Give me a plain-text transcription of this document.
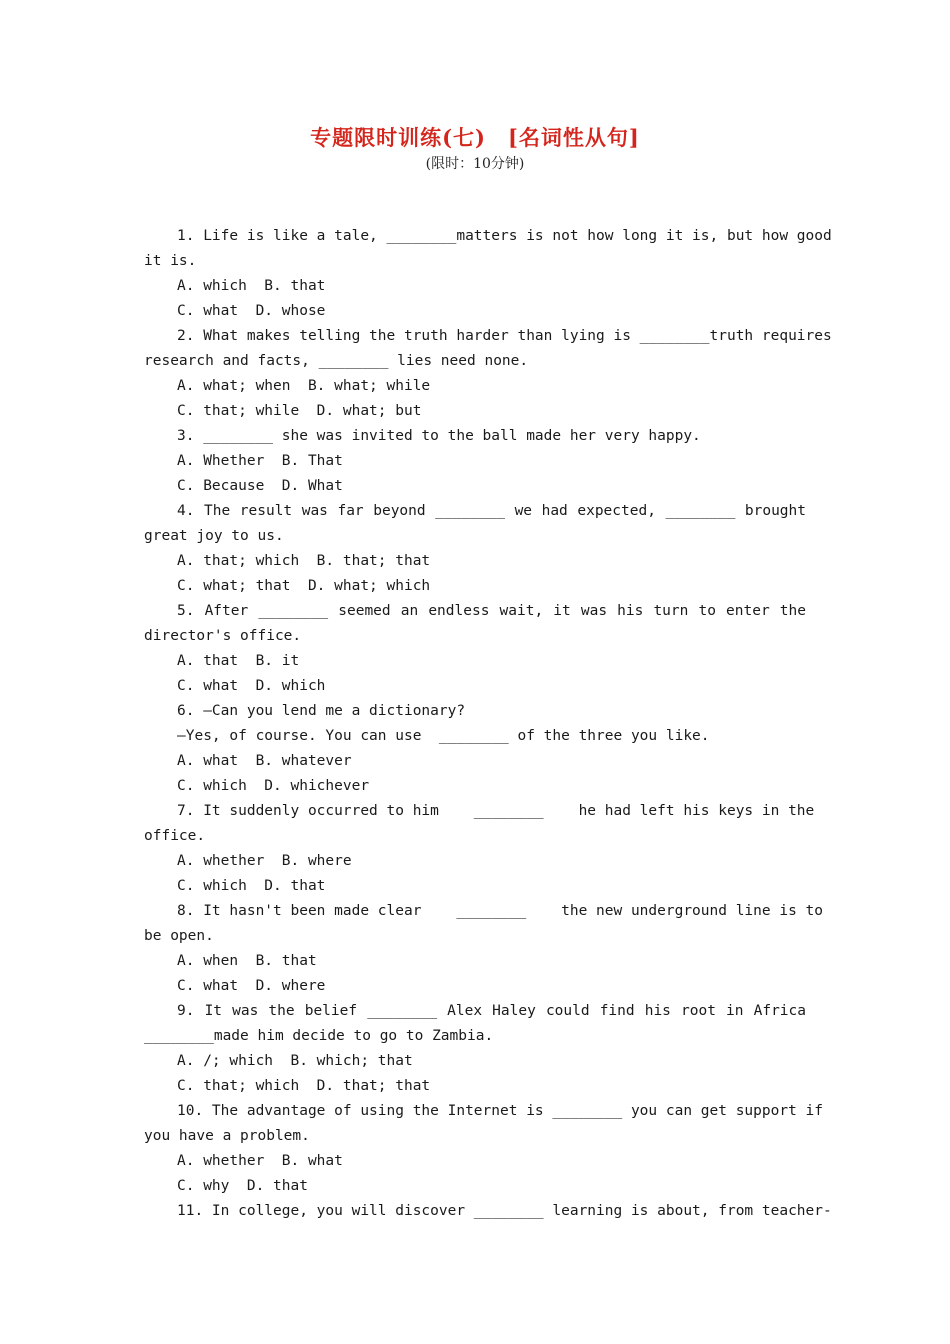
专题限时训练(七)　[名词性从句]
(限时：10分钟)
1. Life is like a tale, ________matters is not how long it is, but how good
it is.
A. which  B. that
C. what  D. whose
2. What makes telling the truth harder than lying is ________truth requires
research and facts, ________ lies need none.
A. what; when  B. what; while
C. that; while  D. what; but
3. ________ she was invited to the ball made her very happy.
A. Whether  B. That
C. Because  D. What
4. The result was far beyond ________ we had expected, ________ brought
great joy to us.
A. that; which  B. that; that
C. what; that  D. what; which
5. After ________ seemed an endless wait, it was his turn to enter the
director's office.
A. that  B. it
C. what  D. which
6. —Can you lend me a dictionary?
—Yes, of course. You can use  ________ of the three you like.
A. what  B. whatever
C. which  D. whichever
7. It suddenly occurred to him    ________    he had left his keys in the
office.
A. whether  B. where
C. which  D. that
8. It hasn't been made clear    ________    the new underground line is to
be open.
A. when  B. that
C. what  D. where
9. It was the belief ________ Alex Haley could find his root in Africa
________made him decide to go to Zambia.
A. /; which  B. which; that
C. that; which  D. that; that
10. The advantage of using the Internet is ________ you can get support if
you have a problem.
A. whether  B. what
C. why  D. that
11. In college, you will discover ________ learning is about, from teacher-
